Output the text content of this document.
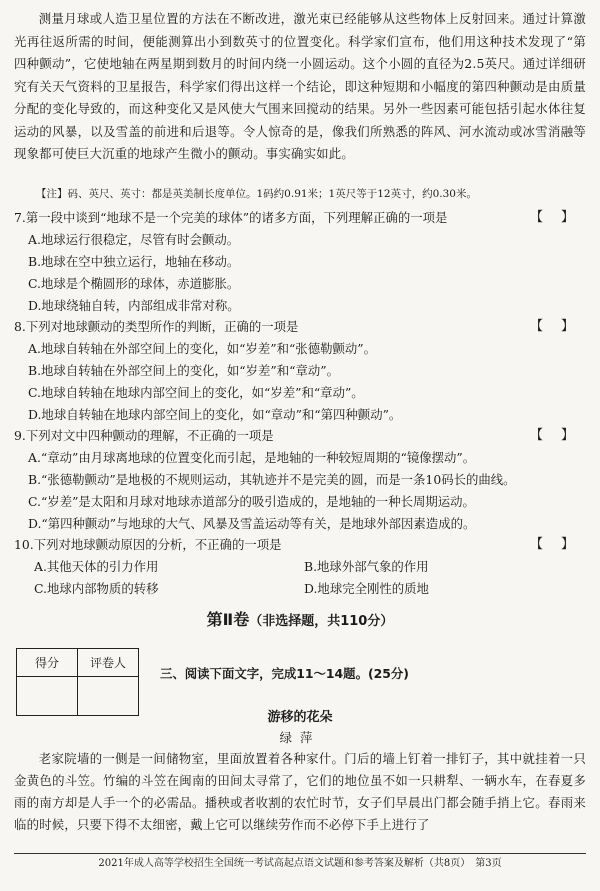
测量月球或人造卫星位置的方法在不断改进，激光束已经能够从这些物体上反射回来。通过计算激光再往返所需的时间，便能测算出小到数英寸的位置变化。科学家们宣布，他们用这种技术发现了“第四种颤动”，它使地轴在两星期到数月的时间内绕一小圆运动。这个小圆的直径为2.5英尺。通过详细研究有关天气资料的卫星报告，科学家们得出这样一个结论，即这种短期和小幅度的第四种颤动是由质量分配的变化导致的，而这种变化又是风使大气围来回搅动的结果。另外一些因素可能包括引起水体往复运动的风暴，以及雪盖的前进和后退等。令人惊奇的是，像我们所熟悉的阵风、河水流动或冰雪消融等现象都可使巨大沉重的地球产生微小的颤动。事实确实如此。

【注】码、英尺、英寸：都是英美制长度单位。1码约0.91米；1英尺等于12英寸，约0.30米。

7.第一段中谈到“地球不是一个完美的球体”的诸多方面，下列理解正确的一项是	【】

A.地球运行很稳定，尽管有时会颤动。

B.地球在空中独立运行，地轴在移动。

C.地球是个椭圆形的球体，赤道膨胀。

D.地球绕轴自转，内部组成非常对称。

8.下列对地球颤动的类型所作的判断，正确的一项是	【】

A.地球自转轴在外部空间上的变化，如“岁差”和“张德勒颤动”。

B.地球自转轴在外部空间上的变化，如“岁差”和“章动”。

C.地球自转轴在地球内部空间上的变化，如“岁差”和“章动”。

D.地球自转轴在地球内部空间上的变化，如“章动”和“第四种颤动”。

9.下列对文中四种颤动的理解，不正确的一项是	【】

A.“章动”由月球离地球的位置变化而引起，是地轴的一种较短周期的“镜像摆动”。

B.“张德勒颤动”是地极的不规则运动，其轨迹并不是完美的圆，而是一条10码长的曲线。

C.“岁差”是太阳和月球对地球赤道部分的吸引造成的，是地轴的一种长周期运动。

D.“第四种颤动”与地球的大气、风暴及雪盖运动等有关，是地球外部因素造成的。

10.下列对地球颤动原因的分析，不正确的一项是	【】

A.其他天体的引力作用	B.地球外部气象的作用

C.地球内部物质的转移	D.地球完全刚性的质地

第Ⅱ卷（非选择题，共110分）

得分	评卷人

三、阅读下面文字，完成11～14题。(25分)

游移的花朵

绿萍

老家院墙的一侧是一间储物室，里面放置着各种家什。门后的墙上钉着一排钉子，其中就挂着一只金黄色的斗笠。竹编的斗笠在闽南的田间太寻常了，它们的地位虽不如一只耕犁、一辆水车，在春夏多雨的南方却是人手一个的必需品。播秧或者收割的农忙时节，女子们早晨出门都会随手捎上它。春雨来临的时候，只要下得不太细密，戴上它可以继续劳作而不必停下手上进行了

2021年成人高等学校招生全国统一考试高起点语文试题和参考答案及解析（共8页）　第3页
